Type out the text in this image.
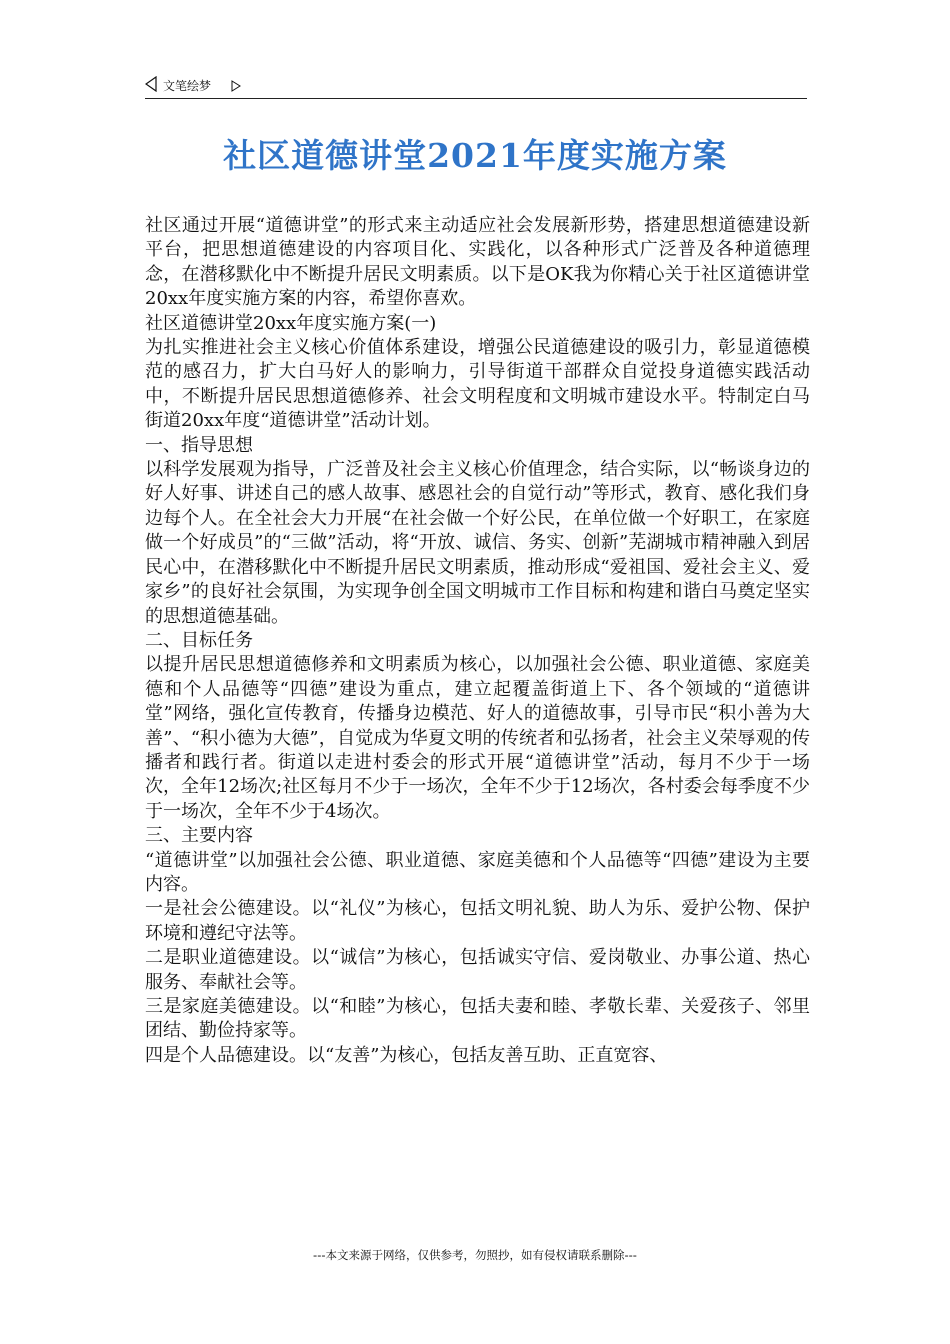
文笔绘梦
社区道德讲堂2021年度实施方案

社区通过开展“道德讲堂”的形式来主动适应社会发展新形势，搭建思想道德建设新平台，把思想道德建设的内容项目化、实践化，以各种形式广泛普及各种道德理念，在潜移默化中不断提升居民文明素质。以下是OK我为你精心关于社区道德讲堂20xx年度实施方案的内容，希望你喜欢。

社区道德讲堂20xx年度实施方案(一)

为扎实推进社会主义核心价值体系建设，增强公民道德建设的吸引力，彰显道德模范的感召力，扩大白马好人的影响力，引导街道干部群众自觉投身道德实践活动中，不断提升居民思想道德修养、社会文明程度和文明城市建设水平。特制定白马街道20xx年度“道德讲堂”活动计划。

一、指导思想

以科学发展观为指导，广泛普及社会主义核心价值理念，结合实际，以“畅谈身边的好人好事、讲述自己的感人故事、感恩社会的自觉行动”等形式，教育、感化我们身边每个人。在全社会大力开展“在社会做一个好公民，在单位做一个好职工，在家庭做一个好成员”的“三做”活动，将“开放、诚信、务实、创新”芜湖城市精神融入到居民心中，在潜移默化中不断提升居民文明素质，推动形成“爱祖国、爱社会主义、爱家乡”的良好社会氛围，为实现争创全国文明城市工作目标和构建和谐白马奠定坚实的思想道德基础。

二、目标任务

以提升居民思想道德修养和文明素质为核心，以加强社会公德、职业道德、家庭美德和个人品德等“四德”建设为重点，建立起覆盖街道上下、各个领域的“道德讲堂”网络，强化宣传教育，传播身边模范、好人的道德故事，引导市民“积小善为大善”、“积小德为大德”，自觉成为华夏文明的传统者和弘扬者，社会主义荣辱观的传播者和践行者。街道以走进村委会的形式开展“道德讲堂”活动，每月不少于一场次，全年12场次;社区每月不少于一场次，全年不少于12场次，各村委会每季度不少于一场次，全年不少于4场次。

三、主要内容

“道德讲堂”以加强社会公德、职业道德、家庭美德和个人品德等“四德”建设为主要内容。

一是社会公德建设。以“礼仪”为核心，包括文明礼貌、助人为乐、爱护公物、保护环境和遵纪守法等。

二是职业道德建设。以“诚信”为核心，包括诚实守信、爱岗敬业、办事公道、热心服务、奉献社会等。

三是家庭美德建设。以“和睦”为核心，包括夫妻和睦、孝敬长辈、关爱孩子、邻里团结、勤俭持家等。

四是个人品德建设。以“友善”为核心，包括友善互助、正直宽容、

---本文来源于网络，仅供参考，勿照抄，如有侵权请联系删除---
